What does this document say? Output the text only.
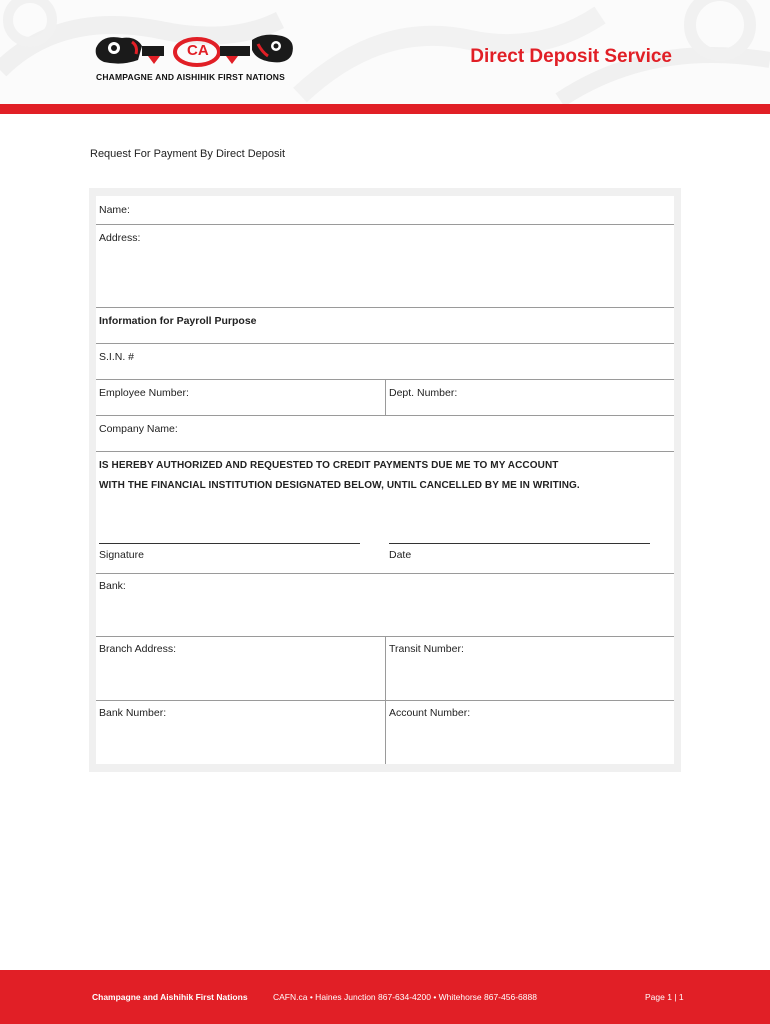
CA
CHAMPAGNE AND AISHIHIK FIRST NATIONS
Direct Deposit Service
Request For Payment By Direct Deposit
Name:
Address:
Information for Payroll Purpose
S.I.N. #
Employee Number:	Dept. Number:
Company Name:
IS HEREBY AUTHORIZED AND REQUESTED TO CREDIT PAYMENTS DUE ME TO MY ACCOUNT
WITH THE FINANCIAL INSTITUTION DESIGNATED BELOW, UNTIL CANCELLED BY ME IN WRITING.
Signature	Date
Bank:
Branch Address:	Transit Number:
Bank Number:	Account Number:
Champagne and Aishihik First Nations	CAFN.ca • Haines Junction 867-634-4200 • Whitehorse 867-456-6888	Page 1 | 1
